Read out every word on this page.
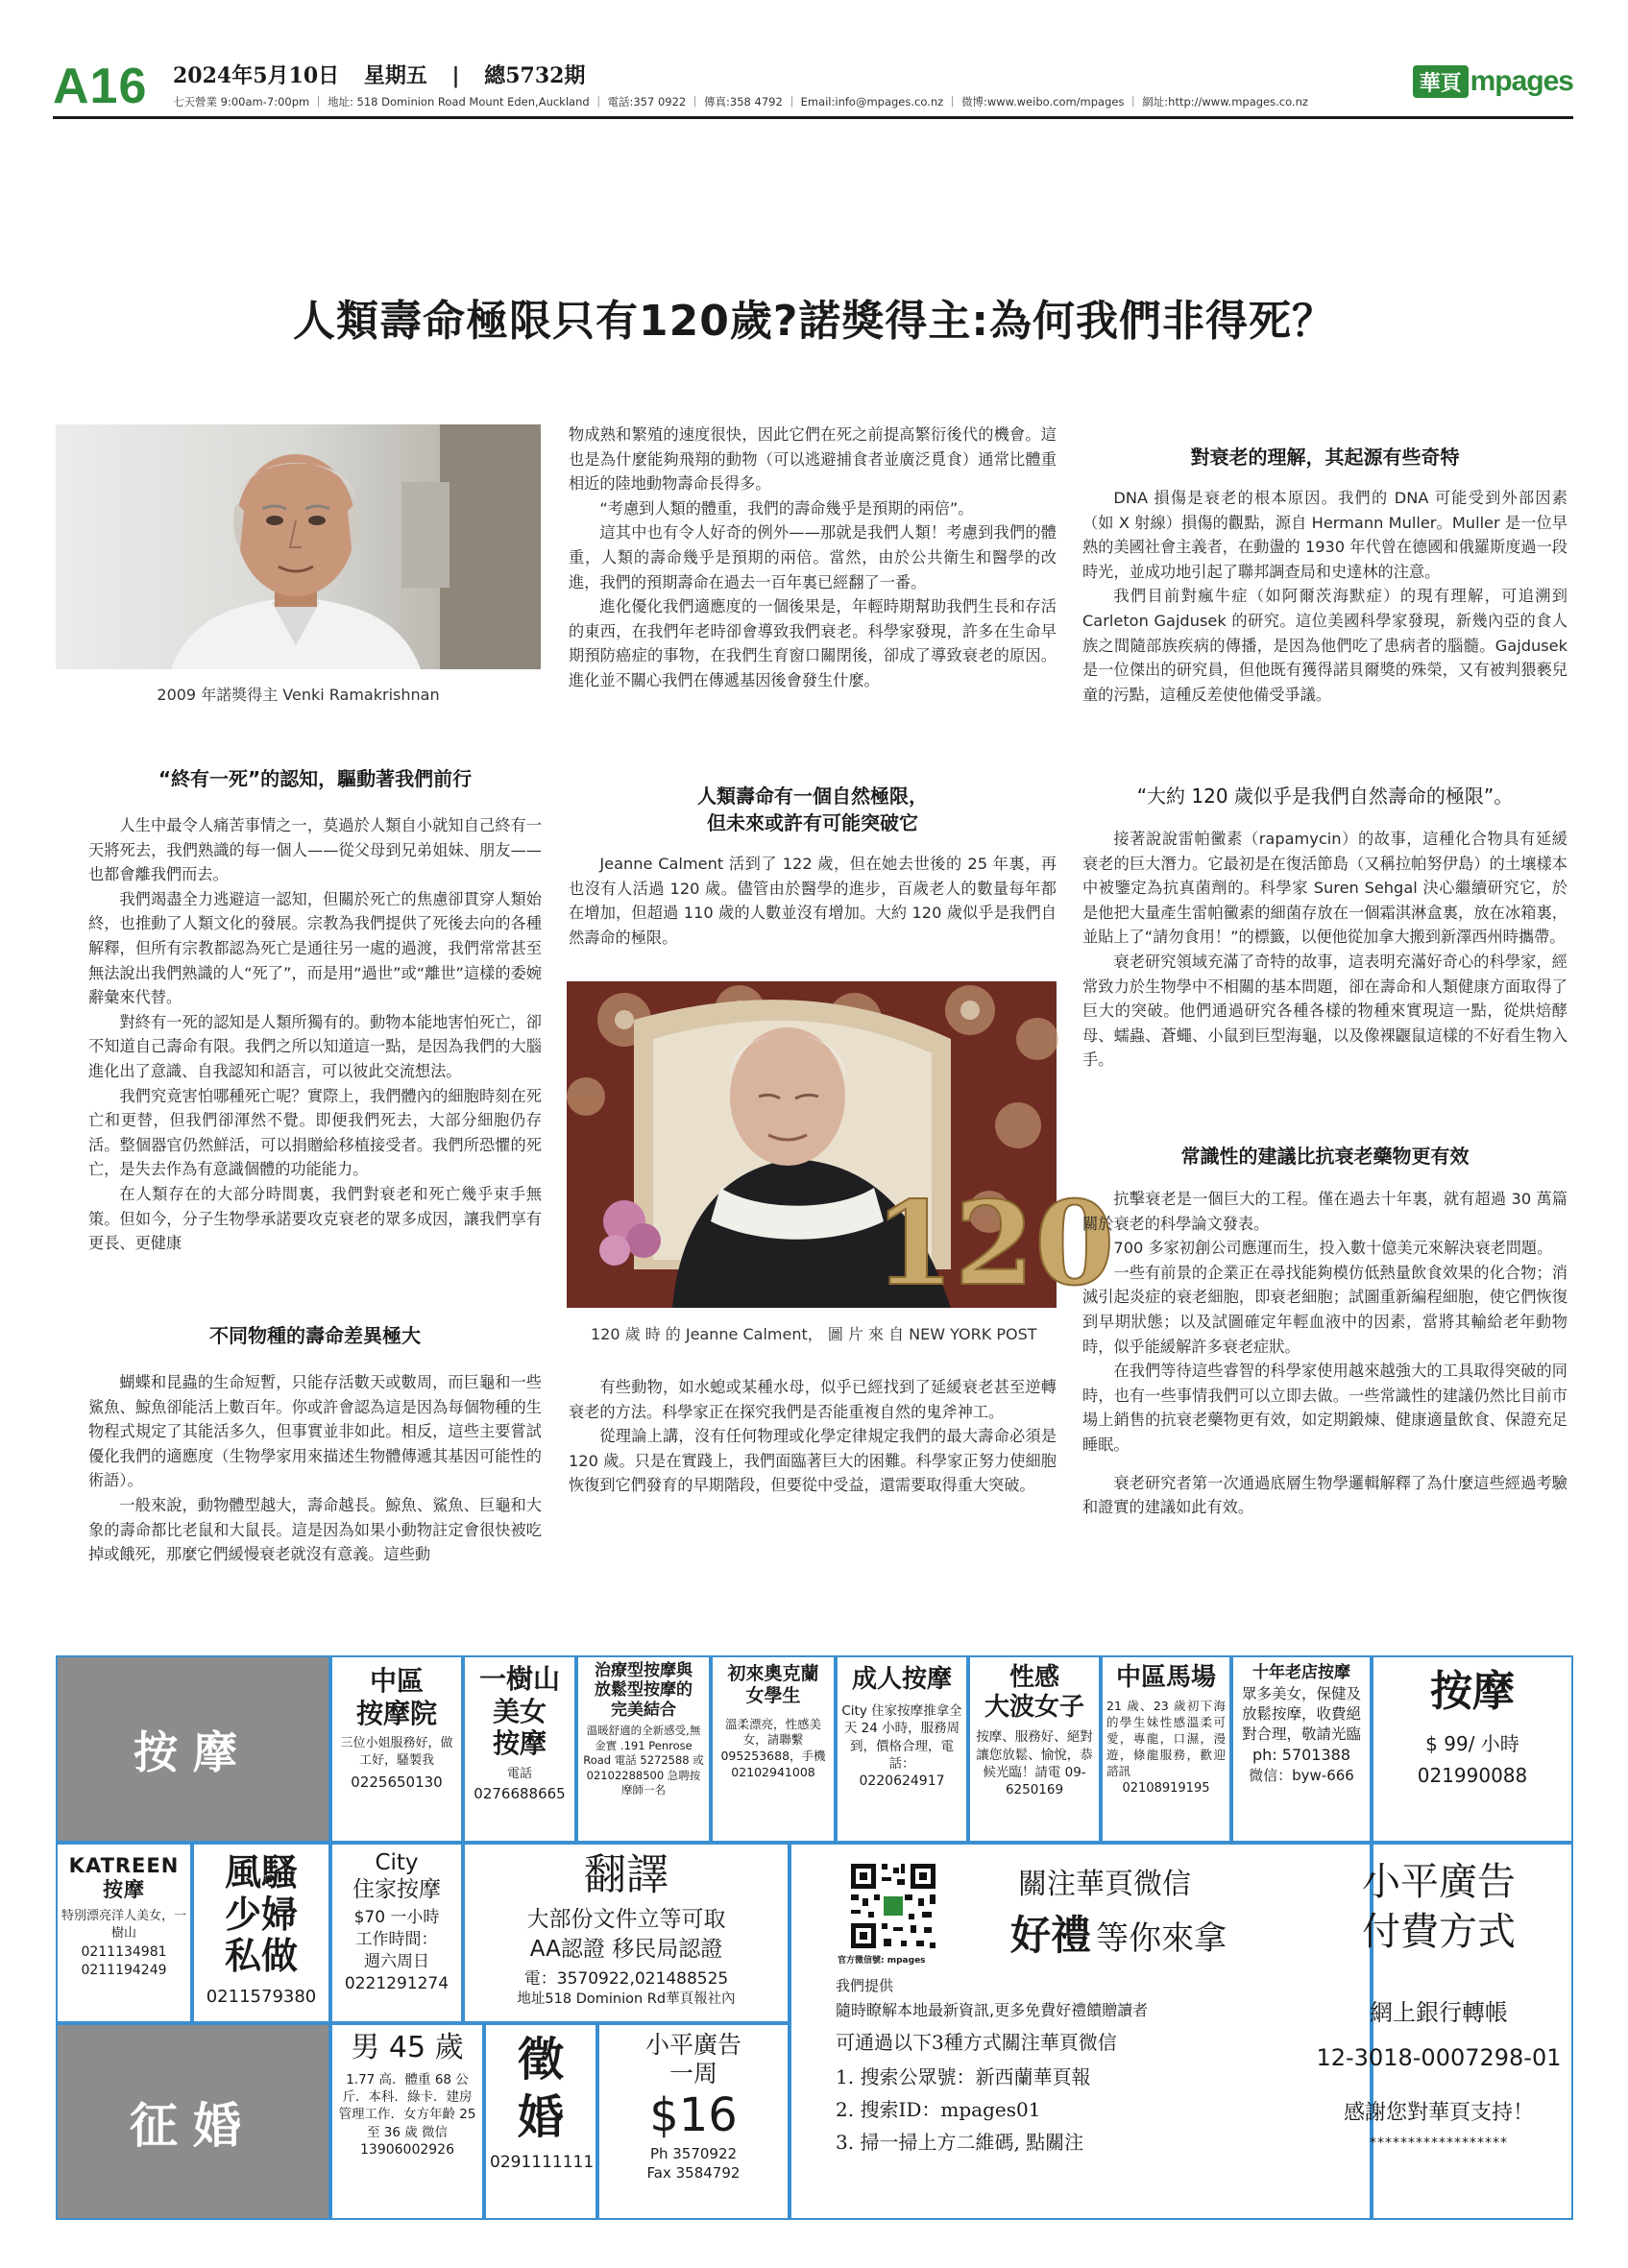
A16 2024年5月10日 星期五 | 總5732期
七天營業 9:00am-7:00pm ｜ 地址: 518 Dominion Road Mount Eden,Auckland ｜ 電話:357 0922 ｜ 傳真:358 4792 ｜ Email:info@mpages.co.nz ｜ 微博:www.weibo.com/mpages ｜ 網址:http://www.mpages.co.nz
華頁 mpages
人類壽命極限只有120歲?諾獎得主:為何我們非得死？
2009 年諾獎得主 Venki Ramakrishnan
“終有一死”的認知，驅動著我們前行

人生中最令人痛苦事情之一，莫過於人類自小就知自己終有一天將死去，我們熟識的每一個人——從父母到兄弟姐妹、朋友——也都會離我們而去。

我們竭盡全力逃避這一認知，但關於死亡的焦慮卻貫穿人類始終，也推動了人類文化的發展。宗教為我們提供了死後去向的各種解釋，但所有宗教都認為死亡是通往另一處的過渡，我們常常甚至無法說出我們熟識的人“死了”，而是用“過世”或“離世”這樣的委婉辭彙來代替。

對終有一死的認知是人類所獨有的。動物本能地害怕死亡，卻不知道自己壽命有限。我們之所以知道這一點，是因為我們的大腦進化出了意識、自我認知和語言，可以彼此交流想法。

我們究竟害怕哪種死亡呢？實際上，我們體內的細胞時刻在死亡和更替，但我們卻渾然不覺。即便我們死去，大部分細胞仍存活。整個器官仍然鮮活，可以捐贈給移植接受者。我們所恐懼的死亡，是失去作為有意識個體的功能能力。

在人類存在的大部分時間裏，我們對衰老和死亡幾乎束手無策。但如今，分子生物學承諾要攻克衰老的眾多成因，讓我們享有更長、更健康

不同物種的壽命差異極大

蝴蝶和昆蟲的生命短暫，只能存活數天或數周，而巨龜和一些鯊魚、鯨魚卻能活上數百年。你或許會認為這是因為每個物種的生物程式規定了其能活多久，但事實並非如此。相反，這些主要嘗試優化我們的適應度（生物學家用來描述生物體傳遞其基因可能性的術語）。

一般來說，動物體型越大，壽命越長。鯨魚、鯊魚、巨龜和大象的壽命都比老鼠和大鼠長。這是因為如果小動物註定會很快被吃掉或餓死，那麼它們緩慢衰老就沒有意義。這些動

物成熟和繁殖的速度很快，因此它們在死之前提高繁衍後代的機會。這也是為什麼能夠飛翔的動物（可以逃避捕食者並廣泛覓食）通常比體重相近的陸地動物壽命長得多。

“考慮到人類的體重，我們的壽命幾乎是預期的兩倍”。

這其中也有令人好奇的例外——那就是我們人類！考慮到我們的體重，人類的壽命幾乎是預期的兩倍。當然，由於公共衛生和醫學的改進，我們的預期壽命在過去一百年裏已經翻了一番。

進化優化我們適應度的一個後果是，年輕時期幫助我們生長和存活的東西，在我們年老時卻會導致我們衰老。科學家發現，許多在生命早期預防癌症的事物，在我們生育窗口關閉後，卻成了導致衰老的原因。進化並不關心我們在傳遞基因後會發生什麼。

人類壽命有一個自然極限，
但未來或許有可能突破它

Jeanne Calment 活到了 122 歲，但在她去世後的 25 年裏，再也沒有人活過 120 歲。儘管由於醫學的進步，百歲老人的數量每年都在增加，但超過 110 歲的人數並沒有增加。大約 120 歲似乎是我們自然壽命的極限。

120
120 歲 時 的 Jeanne Calment， 圖 片 來 自 NEW YORK POST

有些動物，如水螅或某種水母，似乎已經找到了延緩衰老甚至逆轉衰老的方法。科學家正在探究我們是否能重複自然的鬼斧神工。

從理論上講，沒有任何物理或化學定律規定我們的最大壽命必須是 120 歲。只是在實踐上，我們面臨著巨大的困難。科學家正努力使細胞恢復到它們發育的早期階段，但要從中受益，還需要取得重大突破。

對衰老的理解，其起源有些奇特

DNA 損傷是衰老的根本原因。我們的 DNA 可能受到外部因素（如 X 射線）損傷的觀點，源自 Hermann Muller。Muller 是一位早熟的美國社會主義者，在動盪的 1930 年代曾在德國和俄羅斯度過一段時光，並成功地引起了聯邦調查局和史達林的注意。

我們目前對瘋牛症（如阿爾茨海默症）的現有理解，可追溯到 Carleton Gajdusek 的研究。這位美國科學家發現，新幾內亞的食人族之間隨部族疾病的傳播，是因為他們吃了患病者的腦髓。Gajdusek 是一位傑出的研究員，但他既有獲得諾貝爾獎的殊榮，又有被判猥褻兒童的污點，這種反差使他備受爭議。

“大約 120 歲似乎是我們自然壽命的極限”。

接著說說雷帕黴素（rapamycin）的故事，這種化合物具有延緩衰老的巨大潛力。它最初是在復活節島（又稱拉帕努伊島）的土壤樣本中被鑒定為抗真菌劑的。科學家 Suren Sehgal 決心繼續研究它，於是他把大量產生雷帕黴素的細菌存放在一個霜淇淋盒裏，放在冰箱裏，並貼上了“請勿食用！”的標籤，以便他從加拿大搬到新澤西州時攜帶。

衰老研究領域充滿了奇特的故事，這表明充滿好奇心的科學家，經常致力於生物學中不相關的基本問題，卻在壽命和人類健康方面取得了巨大的突破。他們通過研究各種各樣的物種來實現這一點，從烘焙酵母、蠕蟲、蒼蠅、小鼠到巨型海龜，以及像裸鼴鼠這樣的不好看生物入手。

常識性的建議比抗衰老藥物更有效

抗擊衰老是一個巨大的工程。僅在過去十年裏，就有超過 30 萬篇關於衰老的科學論文發表。

700 多家初創公司應運而生，投入數十億美元來解決衰老問題。

一些有前景的企業正在尋找能夠模仿低熱量飲食效果的化合物；消滅引起炎症的衰老細胞，即衰老細胞；試圖重新編程細胞，使它們恢復到早期狀態；以及試圖確定年輕血液中的因素，當將其輸給老年動物時，似乎能緩解許多衰老症狀。

在我們等待這些睿智的科學家使用越來越強大的工具取得突破的同時，也有一些事情我們可以立即去做。一些常識性的建議仍然比目前市場上銷售的抗衰老藥物更有效，如定期鍛煉、健康適量飲食、保證充足睡眠。

衰老研究者第一次通過底層生物學邏輯解釋了為什麼這些經過考驗和證實的建議如此有效。

按摩
中區
按摩院
三位小姐服務好，做工好，騷製我
0225650130
一樹山
美女
按摩
電話
0276688665
治療型按摩與
放鬆型按摩的
完美結合
溫暖舒適的全新感受,無金實 .191 Penrose Road 電話 5272588 或 02102288500 急聘按摩師一名
初來奧克蘭
女學生
溫柔漂亮，性感美女，請聯繫 095253688，手機 02102941008
成人按摩
City 住家按摩推拿全天 24 小時，服務周到，價格合理，電話：
0220624917
性感
大波女子
按摩、服務好、絕對讓您放鬆、愉悅，恭候光臨！請電 09-6250169
中區馬場
21 歲、23 歲初下海的學生妹性感溫柔可愛，專龍，口濕，漫遊，條龍服務，歡迎諮訊
02108919195
十年老店按摩
眾多美女，保健及放鬆按摩，收費絕對合理，敬請光臨
ph: 5701388
微信：byw-666
按摩
$ 99/ 小時
021990088
KATREEN
按摩
特別漂亮洋人美女，一樹山
0211134981
0211194249
風騷
少婦
私做
0211579380
City
住家按摩
$70 一小時
工作時間：
週六周日
0221291274
翻譯
大部份文件立等可取
AA認證 移民局認證
電：3570922,021488525
地址518 Dominion Rd華頁報社內
官方微信號: mpages
關注華頁微信
好禮 等你來拿
我們提供
隨時瞭解本地最新資訊,更多免費好禮饋贈讀者
可通過以下3種方式關注華頁微信
1. 搜索公眾號：新西蘭華頁報
2. 搜索ID：mpages01
3. 掃一掃上方二維碼, 點關注
小平廣告
付費方式
網上銀行轉帳
12-3018-0007298-01
感謝您對華頁支持！
******************
征婚
男 45 歲
1.77 高．體重 68 公斤．本科．綠卡．建房管理工作．女方年齡 25 至 36 歲 微信
13906002926
徵
婚
0291111111
小平廣告
一周
$16
Ph 3570922
Fax 3584792
